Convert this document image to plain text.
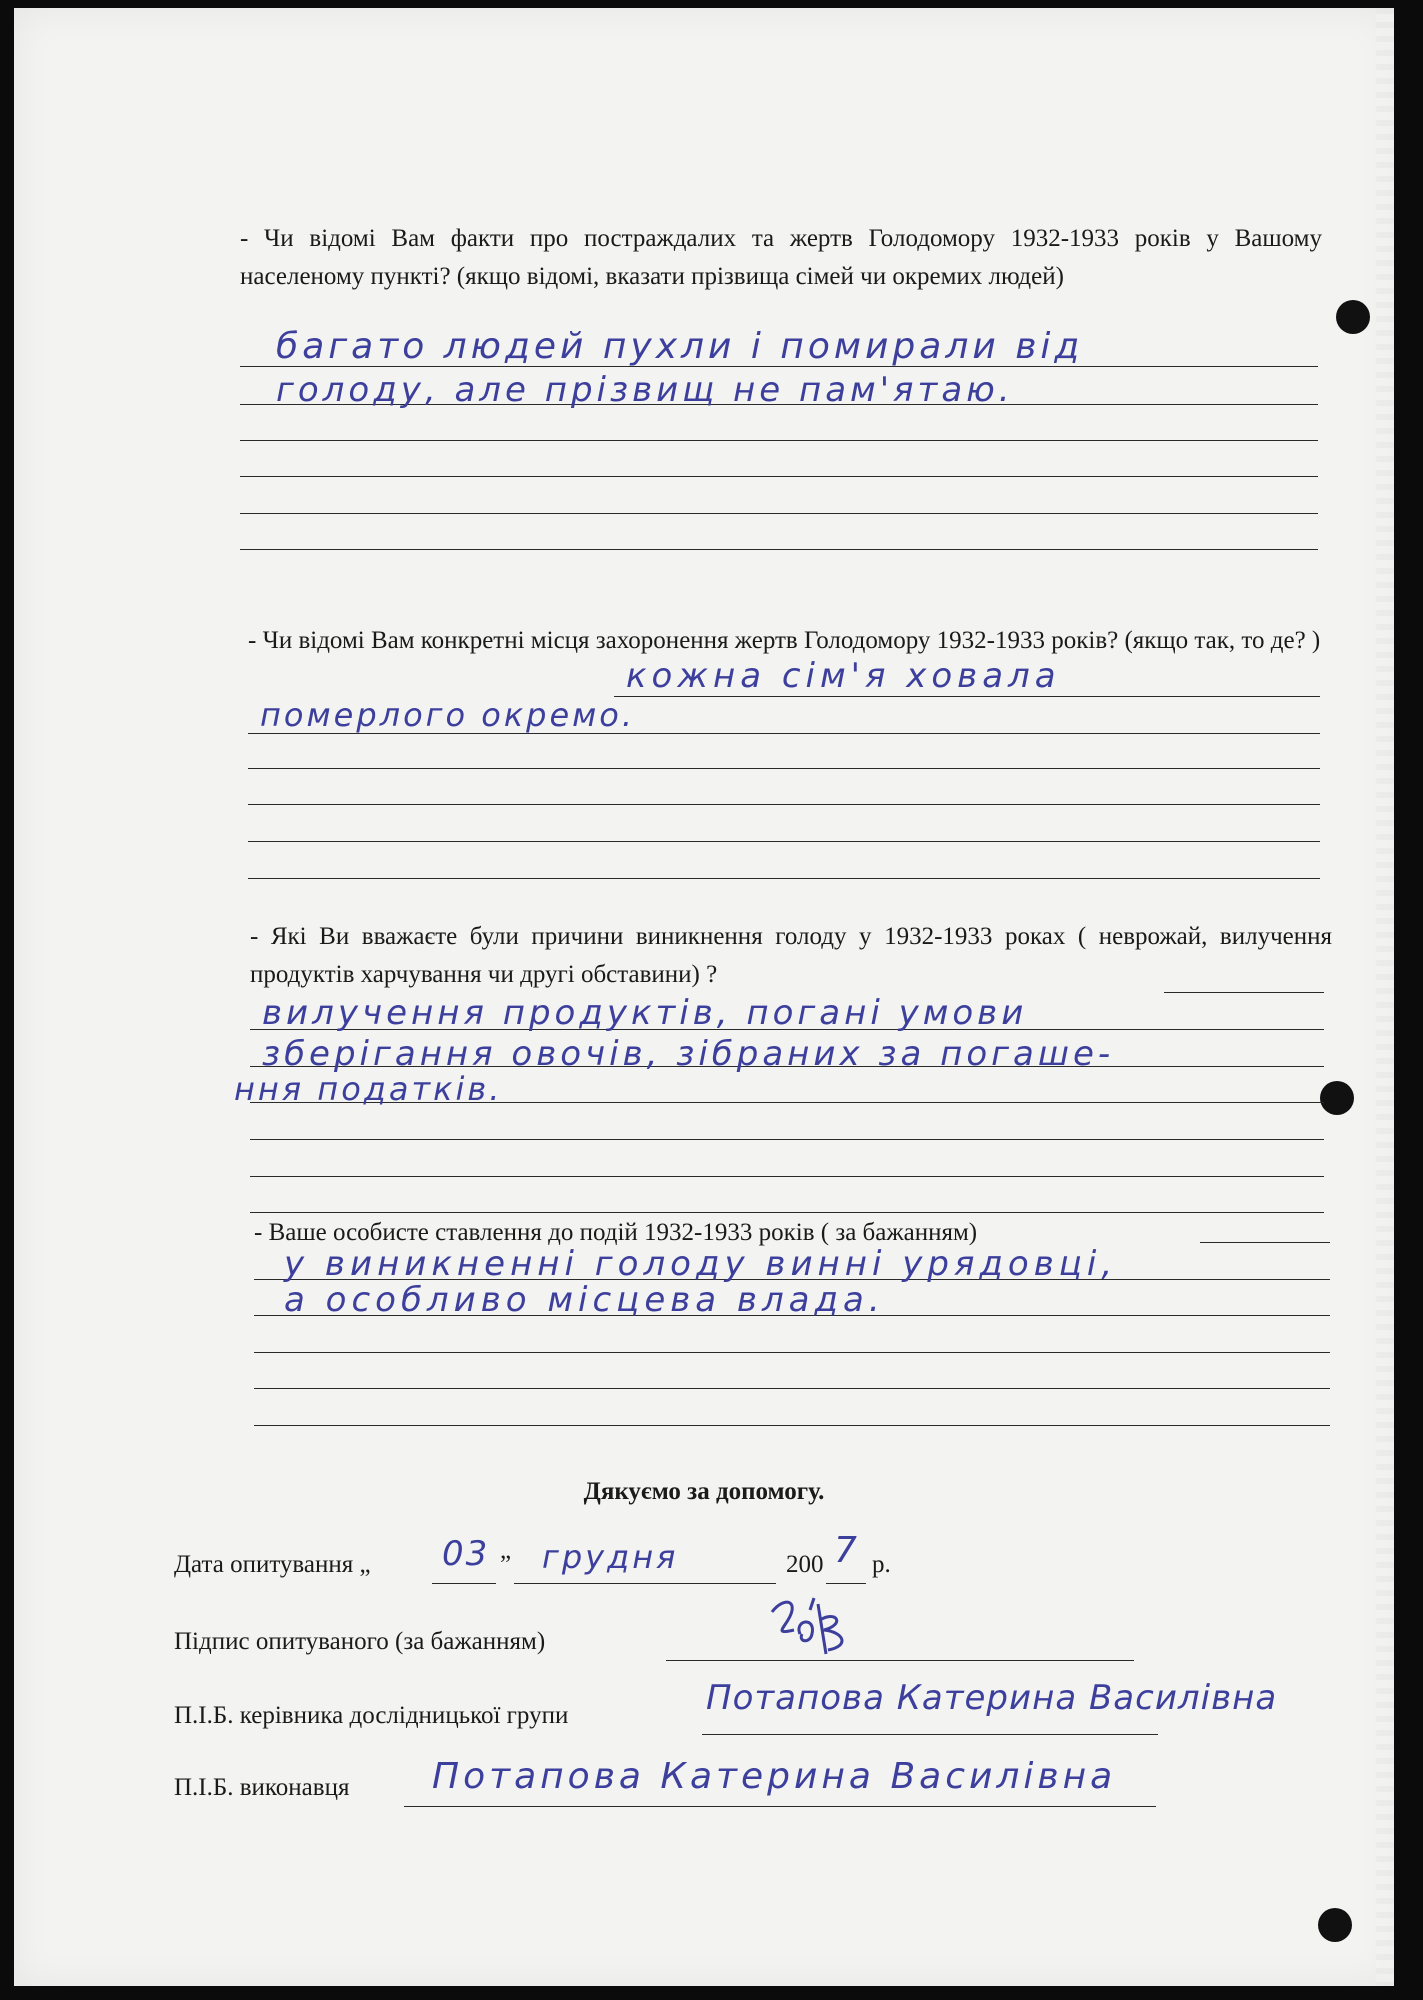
- Чи відомі Вам факти про постраждалих та жертв Голодомору 1932-1933 років у Вашому населеному пункті? (якщо відомі, вказати прізвища сімей чи окремих людей)

багато людей пухли і помирали від
голоду, але прізвищ не пам'ятаю.

- Чи відомі Вам конкретні місця захоронення жертв Голодомору 1932-1933 років? (якщо так, то де? )

кожна сім'я ховала
померлого окремо.

- Які Ви вважаєте були причини виникнення голоду у 1932-1933 роках ( неврожай, вилучення продуктів харчування чи другі обставини) ?

вилучення продуктів, погані умови
зберігання овочів, зібраних за погаше-
ння податків.

- Ваше особисте ставлення до подій 1932-1933 років ( за бажанням)

у виникненні голоду винні урядовці,
а особливо місцева влада.
Дякуємо за допомогу.
Дата опитування „ 03 ” грудня	200 7 р.
Підпис опитуваного (за бажанням)
П.І.Б. керівника дослідницької групи	Потапова Катерина Василівна
П.І.Б. виконавця Потапова Катерина Василівна
